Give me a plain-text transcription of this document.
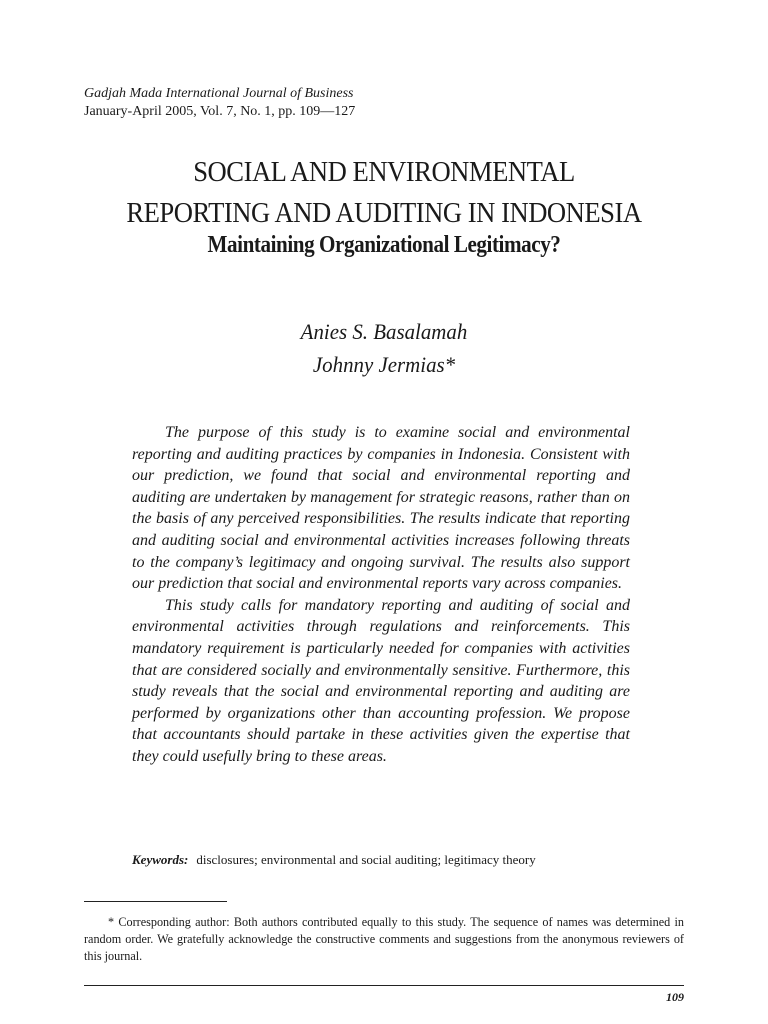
Gadjah Mada International Journal of Business
January-April 2005, Vol. 7, No. 1, pp. 109—127
SOCIAL AND ENVIRONMENTAL
REPORTING AND AUDITING IN INDONESIA
Maintaining Organizational Legitimacy?
Anies S. Basalamah
Johnny Jermias*

The purpose of this study is to examine social and environmental reporting and auditing practices by companies in Indonesia. Consistent with our prediction, we found that social and environmental reporting and auditing are undertaken by management for strategic reasons, rather than on the basis of any perceived responsibilities. The results indicate that reporting and auditing social and environmental activities increases following threats to the company’s legitimacy and ongoing survival. The results also support our prediction that social and environmental reports vary across companies.

This study calls for mandatory reporting and auditing of social and environmental activities through regulations and reinforcements. This mandatory requirement is particularly needed for companies with activities that are considered socially and environmentally sensitive. Furthermore, this study reveals that the social and environmental reporting and auditing are performed by organizations other than accounting profession. We propose that accountants should partake in these activities given the expertise that they could usefully bring to these areas.

Keywords: disclosures; environmental and social auditing; legitimacy theory
* Corresponding author: Both authors contributed equally to this study. The sequence of names was determined in random order. We gratefully acknowledge the constructive comments and suggestions from the anonymous reviewers of this journal.
109
